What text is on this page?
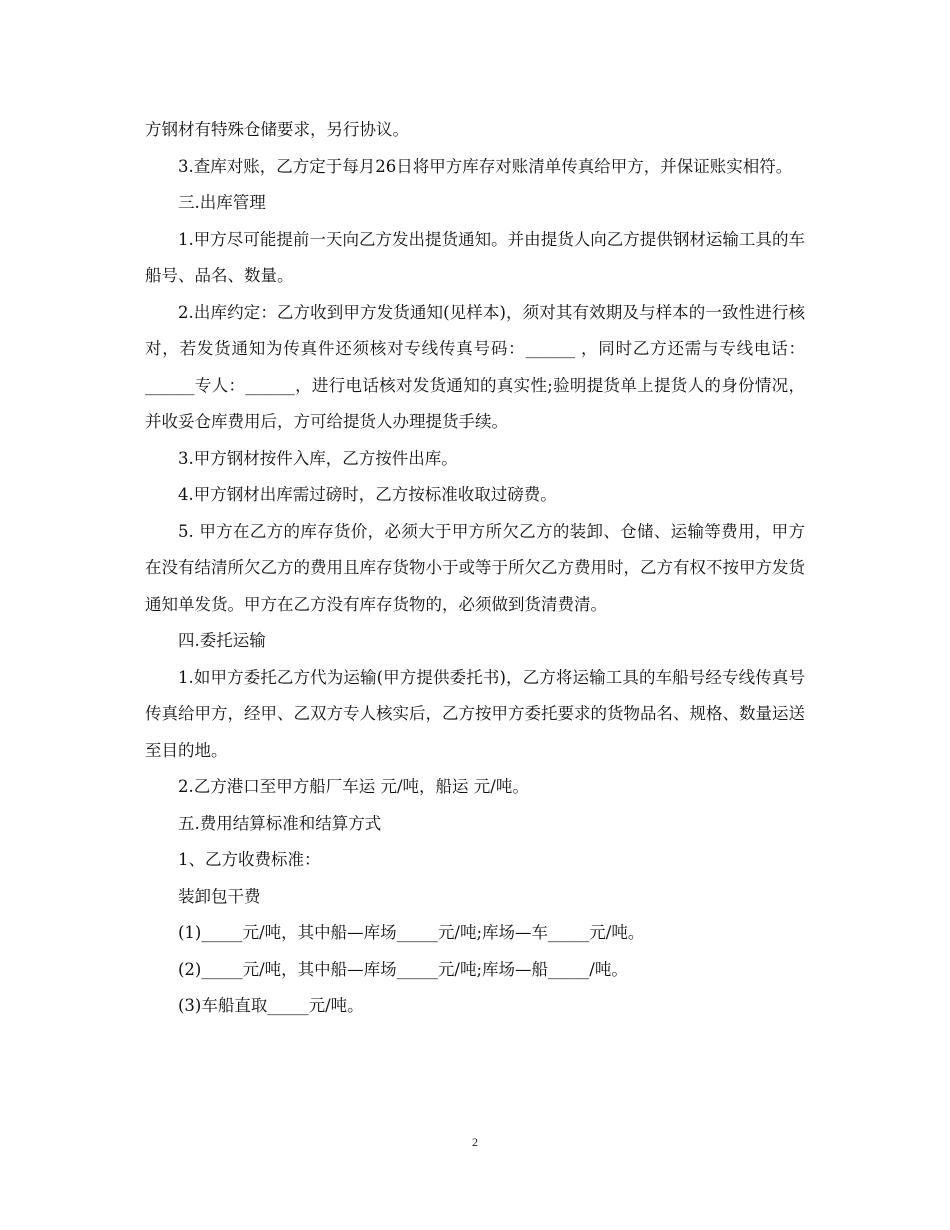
方钢材有特殊仓储要求，另行协议。

3.查库对账，乙方定于每月26日将甲方库存对账清单传真给甲方，并保证账实相符。

三.出库管理

1.甲方尽可能提前一天向乙方发出提货通知。并由提货人向乙方提供钢材运输工具的车船号、品名、数量。

2.出库约定：乙方收到甲方发货通知(见样本)，须对其有效期及与样本的一致性进行核对，若发货通知为传真件还须核对专线传真号码：______ ，同时乙方还需与专线电话：______专人：______，进行电话核对发货通知的真实性;验明提货单上提货人的身份情况，并收妥仓库费用后，方可给提货人办理提货手续。

3.甲方钢材按件入库，乙方按件出库。

4.甲方钢材出库需过磅时，乙方按标准收取过磅费。

5. 甲方在乙方的库存货价，必须大于甲方所欠乙方的装卸、仓储、运输等费用，甲方在没有结清所欠乙方的费用且库存货物小于或等于所欠乙方费用时，乙方有权不按甲方发货通知单发货。甲方在乙方没有库存货物的，必须做到货清费清。

四.委托运输

1.如甲方委托乙方代为运输(甲方提供委托书)，乙方将运输工具的车船号经专线传真号传真给甲方，经甲、乙双方专人核实后，乙方按甲方委托要求的货物品名、规格、数量运送至目的地。

2.乙方港口至甲方船厂车运 元/吨，船运 元/吨。

五.费用结算标准和结算方式

1、乙方收费标准：

装卸包干费

(1)_____元/吨，其中船—库场_____元/吨;库场—车_____元/吨。

(2)_____元/吨，其中船—库场_____元/吨;库场—船_____/吨。

(3)车船直取_____元/吨。

2
